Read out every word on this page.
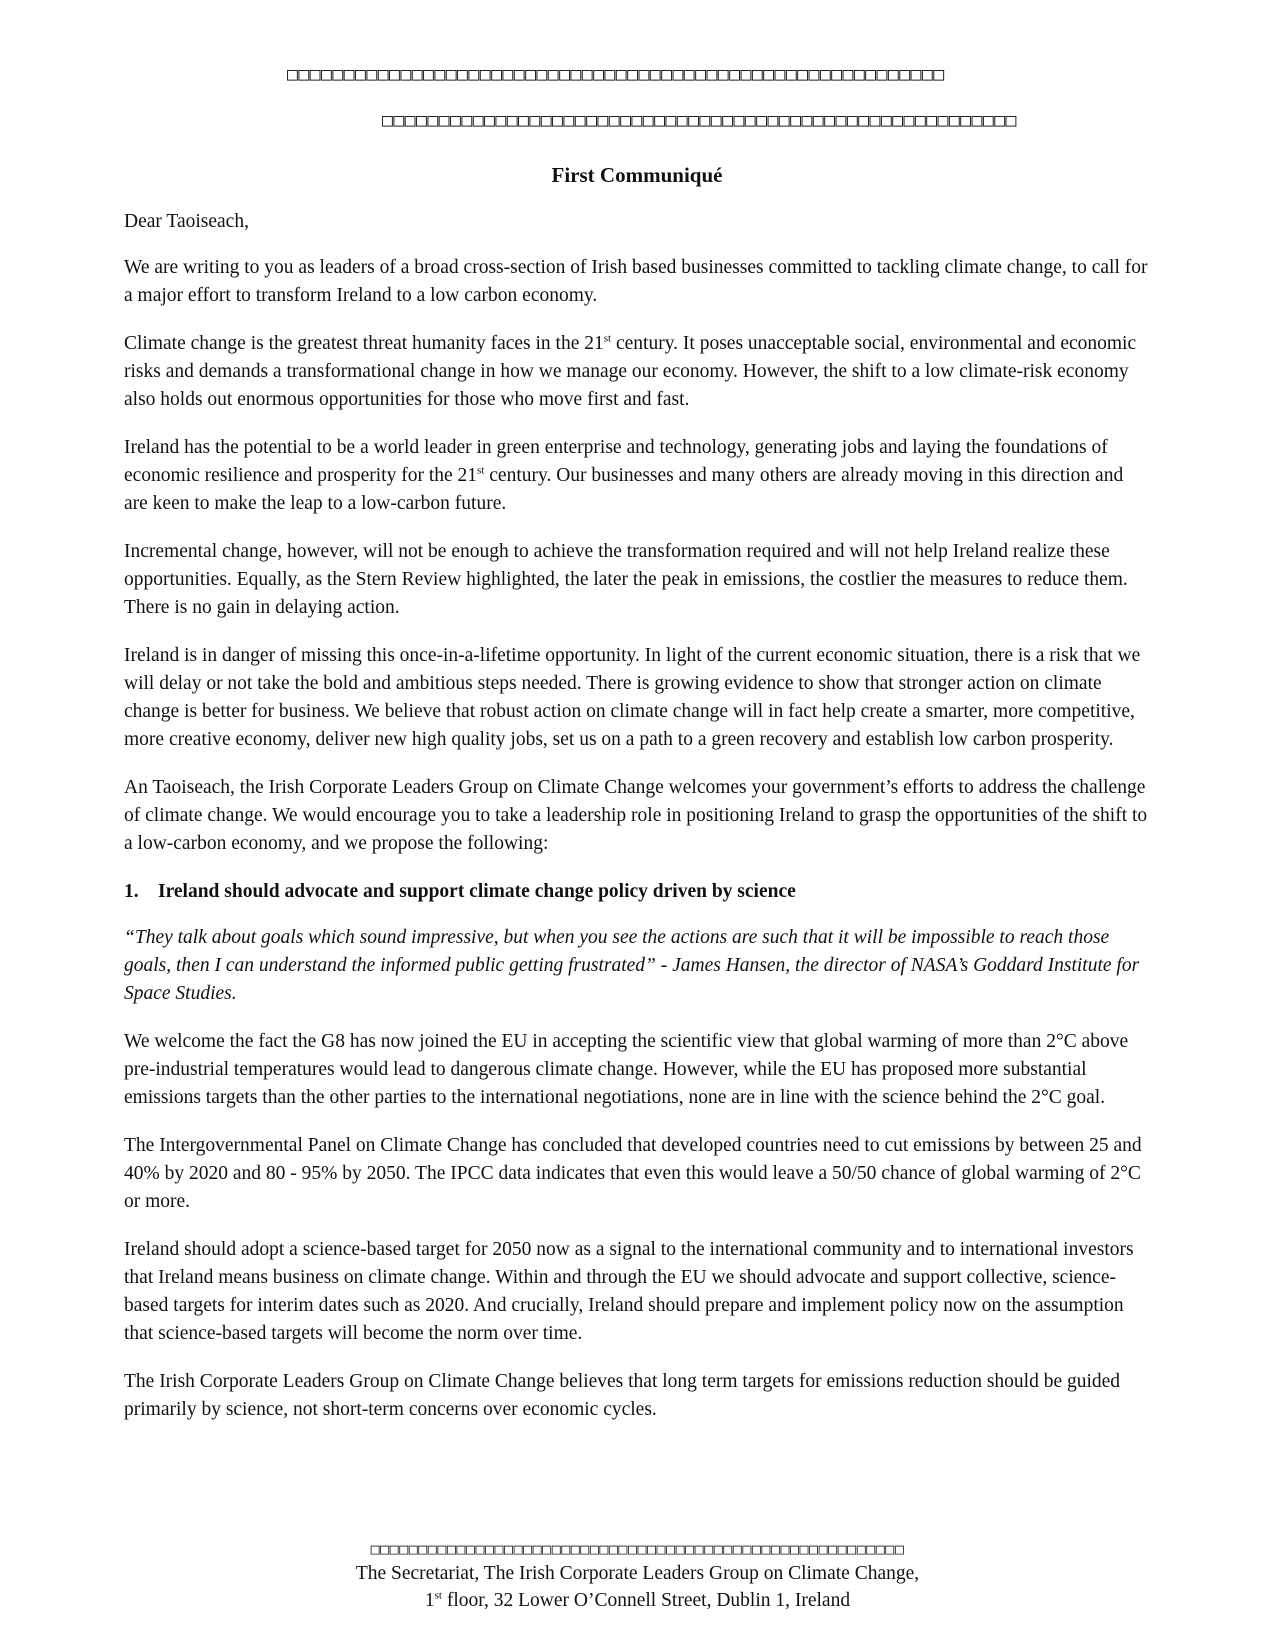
□□□□□□□□□□□□□□□□□□□□□□□□□□□□□□□□□□□□□□□□□□□□□□□□□□□□□□□□□□
□□□□□□□□□□□□□□□□□□□□□□□□□□□□□□□□□□□□□□□□□□□□□□□□□□□□□□□□
First Communiqué

Dear Taoiseach,

We are writing to you as leaders of a broad cross-section of Irish based businesses committed to tackling climate change, to call for a major effort to transform Ireland to a low carbon economy.

Climate change is the greatest threat humanity faces in the 21st century. It poses unacceptable social, environmental and economic risks and demands a transformational change in how we manage our economy. However, the shift to a low climate-risk economy also holds out enormous opportunities for those who move first and fast.

Ireland has the potential to be a world leader in green enterprise and technology, generating jobs and laying the foundations of economic resilience and prosperity for the 21st century. Our businesses and many others are already moving in this direction and are keen to make the leap to a low-carbon future.

Incremental change, however, will not be enough to achieve the transformation required and will not help Ireland realize these opportunities. Equally, as the Stern Review highlighted, the later the peak in emissions, the costlier the measures to reduce them. There is no gain in delaying action.

Ireland is in danger of missing this once-in-a-lifetime opportunity. In light of the current economic situation, there is a risk that we will delay or not take the bold and ambitious steps needed. There is growing evidence to show that stronger action on climate change is better for business. We believe that robust action on climate change will in fact help create a smarter, more competitive, more creative economy, deliver new high quality jobs, set us on a path to a green recovery and establish low carbon prosperity.

An Taoiseach, the Irish Corporate Leaders Group on Climate Change welcomes your government’s efforts to address the challenge of climate change. We would encourage you to take a leadership role in positioning Ireland to grasp the opportunities of the shift to a low-carbon economy, and we propose the following:

1. Ireland should advocate and support climate change policy driven by science

“They talk about goals which sound impressive, but when you see the actions are such that it will be impossible to reach those goals, then I can understand the informed public getting frustrated” - James Hansen, the director of NASA’s Goddard Institute for Space Studies.

We welcome the fact the G8 has now joined the EU in accepting the scientific view that global warming of more than 2°C above pre-industrial temperatures would lead to dangerous climate change. However, while the EU has proposed more substantial emissions targets than the other parties to the international negotiations, none are in line with the science behind the 2°C goal.

The Intergovernmental Panel on Climate Change has concluded that developed countries need to cut emissions by between 25 and 40% by 2020 and 80 - 95% by 2050. The IPCC data indicates that even this would leave a 50/50 chance of global warming of 2°C or more.

Ireland should adopt a science-based target for 2050 now as a signal to the international community and to international investors that Ireland means business on climate change. Within and through the EU we should advocate and support collective, science-based targets for interim dates such as 2020. And crucially, Ireland should prepare and implement policy now on the assumption that science-based targets will become the norm over time.

The Irish Corporate Leaders Group on Climate Change believes that long term targets for emissions reduction should be guided primarily by science, not short-term concerns over economic cycles.

□□□□□□□□□□□□□□□□□□□□□□□□□□□□□□□□□□□□□□□□□□□□□□□□□□□□□□□□
The Secretariat, The Irish Corporate Leaders Group on Climate Change,
1st floor, 32 Lower O’Connell Street, Dublin 1, Ireland
